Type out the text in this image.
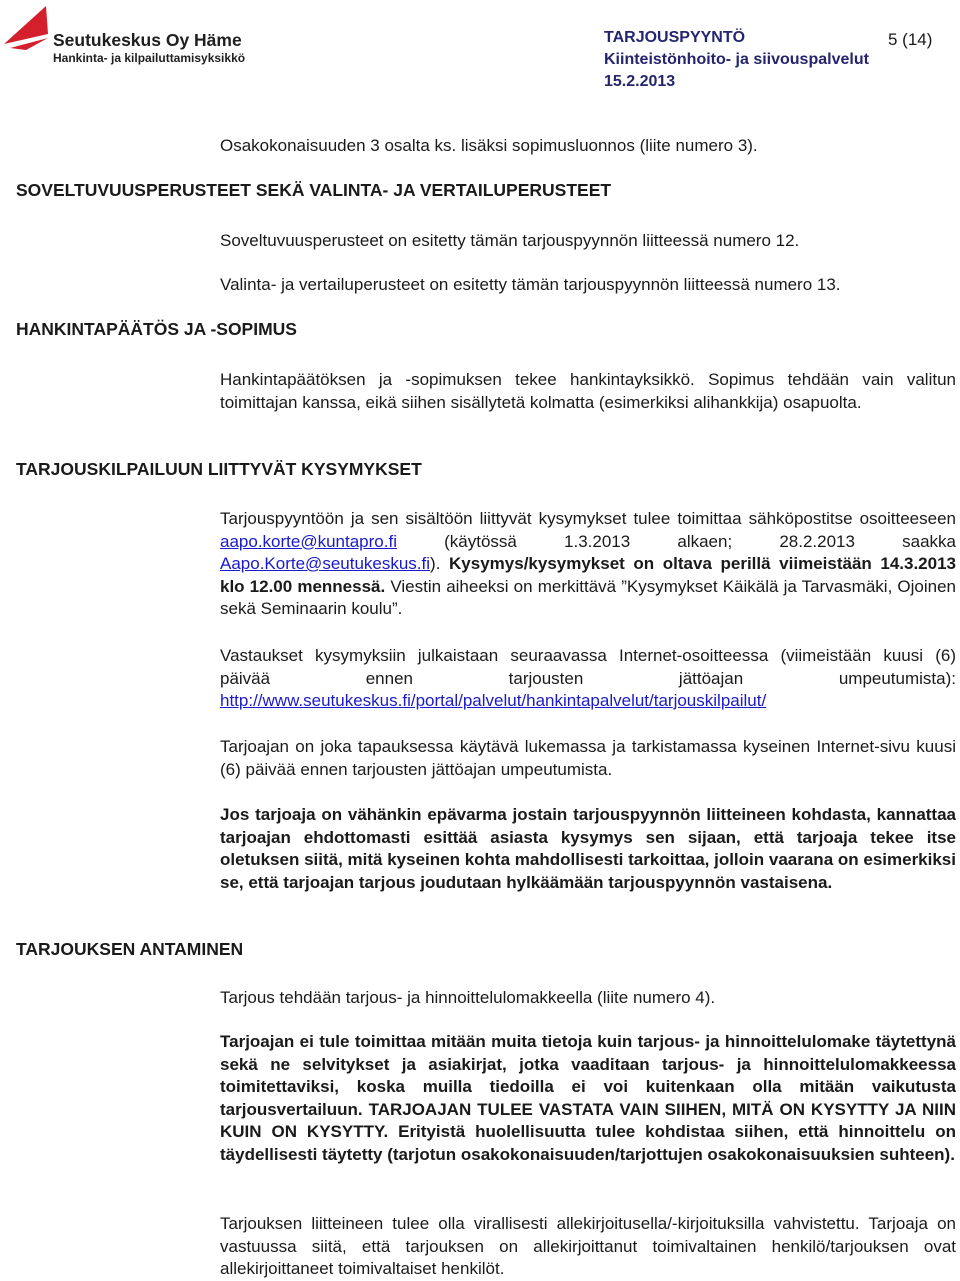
Seutukeskus Oy Häme
Hankinta- ja kilpailuttamisyksikkö
TARJOUSPYYNTÖ
Kiinteistönhoito- ja siivouspalvelut
15.2.2013
5 (14)

Osakokonaisuuden 3 osalta ks. lisäksi sopimusluonnos (liite numero 3).

SOVELTUVUUSPERUSTEET SEKÄ VALINTA- JA VERTAILUPERUSTEET

Soveltuvuusperusteet on esitetty tämän tarjouspyynnön liitteessä numero 12.

Valinta- ja vertailuperusteet on esitetty tämän tarjouspyynnön liitteessä numero 13.

HANKINTAPÄÄTÖS JA -SOPIMUS

Hankintapäätöksen ja -sopimuksen tekee hankintayksikkö. Sopimus tehdään vain valitun toimittajan kanssa, eikä siihen sisällytetä kolmatta (esimerkiksi alihankkija) osapuolta.

TARJOUSKILPAILUUN LIITTYVÄT KYSYMYKSET

Tarjouspyyntöön ja sen sisältöön liittyvät kysymykset tulee toimittaa sähköpostitse osoitteeseen aapo.korte@kuntapro.fi (käytössä 1.3.2013 alkaen; 28.2.2013 saakka Aapo.Korte@seutukeskus.fi). Kysymys/kysymykset on oltava perillä viimeistään 14.3.2013 klo 12.00 mennessä. Viestin aiheeksi on merkittävä ”Kysymykset Käikälä ja Tarvasmäki, Ojoinen sekä Seminaarin koulu”.

Vastaukset kysymyksiin julkaistaan seuraavassa Internet-osoitteessa (viimeistään kuusi (6) päivää ennen tarjousten jättöajan umpeutumista): http://www.seutukeskus.fi/portal/palvelut/hankintapalvelut/tarjouskilpailut/

Tarjoajan on joka tapauksessa käytävä lukemassa ja tarkistamassa kyseinen Internet-sivu kuusi (6) päivää ennen tarjousten jättöajan umpeutumista.

Jos tarjoaja on vähänkin epävarma jostain tarjouspyynnön liitteineen kohdasta, kannattaa tarjoajan ehdottomasti esittää asiasta kysymys sen sijaan, että tarjoaja tekee itse oletuksen siitä, mitä kyseinen kohta mahdollisesti tarkoittaa, jolloin vaarana on esimerkiksi se, että tarjoajan tarjous joudutaan hylkäämään tarjouspyynnön vastaisena.

TARJOUKSEN ANTAMINEN

Tarjous tehdään tarjous- ja hinnoittelulomakkeella (liite numero 4).

Tarjoajan ei tule toimittaa mitään muita tietoja kuin tarjous- ja hinnoittelulomake täytettynä sekä ne selvitykset ja asiakirjat, jotka vaaditaan tarjous- ja hinnoittelulomakkeessa toimitettaviksi, koska muilla tiedoilla ei voi kuitenkaan olla mitään vaikutusta tarjousvertailuun. TARJOAJAN TULEE VASTATA VAIN SIIHEN, MITÄ ON KYSYTTY JA NIIN KUIN ON KYSYTTY. Erityistä huolellisuutta tulee kohdistaa siihen, että hinnoittelu on täydellisesti täytetty (tarjotun osakokonaisuuden/tarjottujen osakokonaisuuksien suhteen).

Tarjouksen liitteineen tulee olla virallisesti allekirjoitusella/-kirjoituksilla vahvistettu. Tarjoaja on vastuussa siitä, että tarjouksen on allekirjoittanut toimivaltainen henkilö/tarjouksen ovat allekirjoittaneet toimivaltaiset henkilöt.
